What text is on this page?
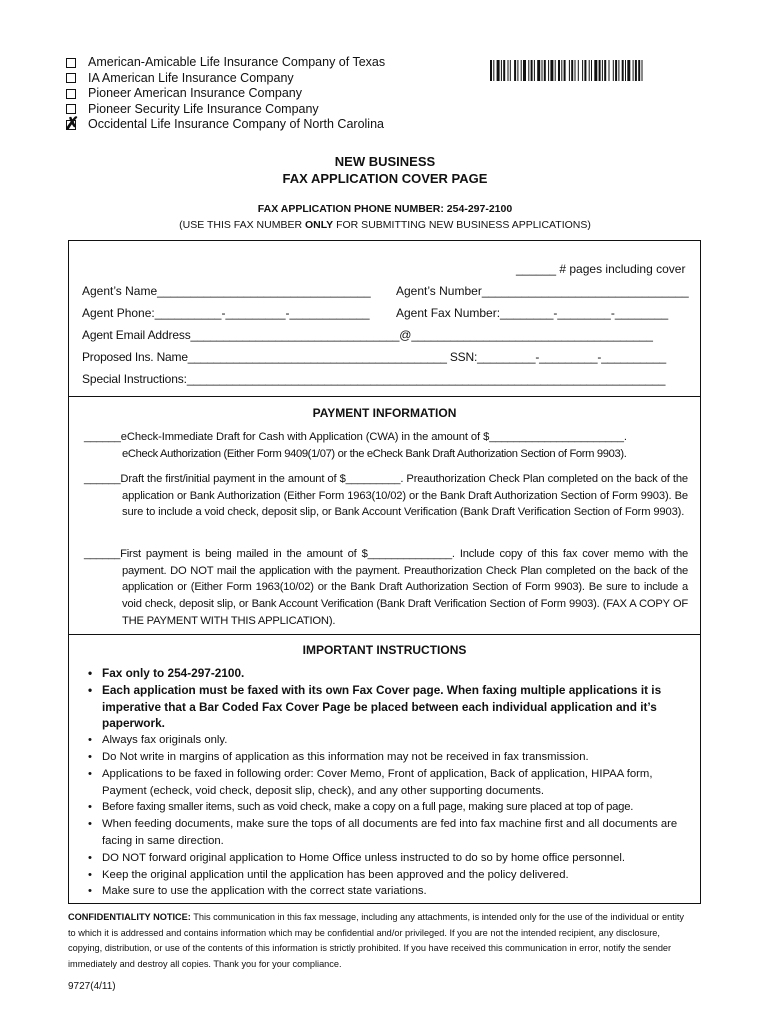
American-Amicable Life Insurance Company of Texas
IA American Life Insurance Company
Pioneer American Insurance Company
Pioneer Security Life Insurance Company
✗
Occidental Life Insurance Company of North Carolina
NEW BUSINESS
FAX APPLICATION COVER PAGE
FAX APPLICATION PHONE NUMBER: 254-297-2100
(USE THIS FAX NUMBER ONLY FOR SUBMITTING NEW BUSINESS APPLICATIONS)
______ # pages including cover
Agent’s Name________________________________ Agent’s Number_______________________________
Agent Phone:__________-_________-____________ Agent Fax Number:________-________-________
Agent Email Address________________________________@_____________________________________
Proposed Ins. Name________________________________________ SSN:_________-_________-__________
Special Instructions:_________________________________________________________________________
PAYMENT INFORMATION
______eCheck-Immediate Draft for Cash with Application (CWA) in the amount of $______________________.
eCheck Authorization (Either Form 9409(1/07) or the eCheck Bank Draft Authorization Section of Form 9903).
______Draft the first/initial payment in the amount of $_________. Preauthorization Check Plan completed on the back of the application or Bank Authorization (Either Form 1963(10/02) or the Bank Draft Authorization Section of Form 9903). Be sure to include a void check, deposit slip, or Bank Account Verification (Bank Draft Verification Section of Form 9903).
______First payment is being mailed in the amount of $______________. Include copy of this fax cover memo with the payment. DO NOT mail the application with the payment. Preauthorization Check Plan completed on the back of the application or (Either Form 1963(10/02) or the Bank Draft Authorization Section of Form 9903). Be sure to include a void check, deposit slip, or Bank Account Verification (Bank Draft Verification Section of Form 9903). (FAX A COPY OF THE PAYMENT WITH THIS APPLICATION).
IMPORTANT INSTRUCTIONS
• Fax only to 254-297-2100.
• Each application must be faxed with its own Fax Cover page. When faxing multiple applications it is imperative that a Bar Coded Fax Cover Page be placed between each individual application and it’s paperwork.
• Always fax originals only.
• Do Not write in margins of application as this information may not be received in fax transmission.
• Applications to be faxed in following order: Cover Memo, Front of application, Back of application, HIPAA form, Payment (echeck, void check, deposit slip, check), and any other supporting documents.
• Before faxing smaller items, such as void check, make a copy on a full page, making sure placed at top of page.
• When feeding documents, make sure the tops of all documents are fed into fax machine first and all documents are facing in same direction.
• DO NOT forward original application to Home Office unless instructed to do so by home office personnel.
• Keep the original application until the application has been approved and the policy delivered.
• Make sure to use the application with the correct state variations.
CONFIDENTIALITY NOTICE: This communication in this fax message, including any attachments, is intended only for the use of the individual or entity to which it is addressed and contains information which may be confidential and/or privileged. If you are not the intended recipient, any disclosure, copying, distribution, or use of the contents of this information is strictly prohibited. If you have received this communication in error, notify the sender immediately and destroy all copies. Thank you for your compliance.
9727(4/11)
